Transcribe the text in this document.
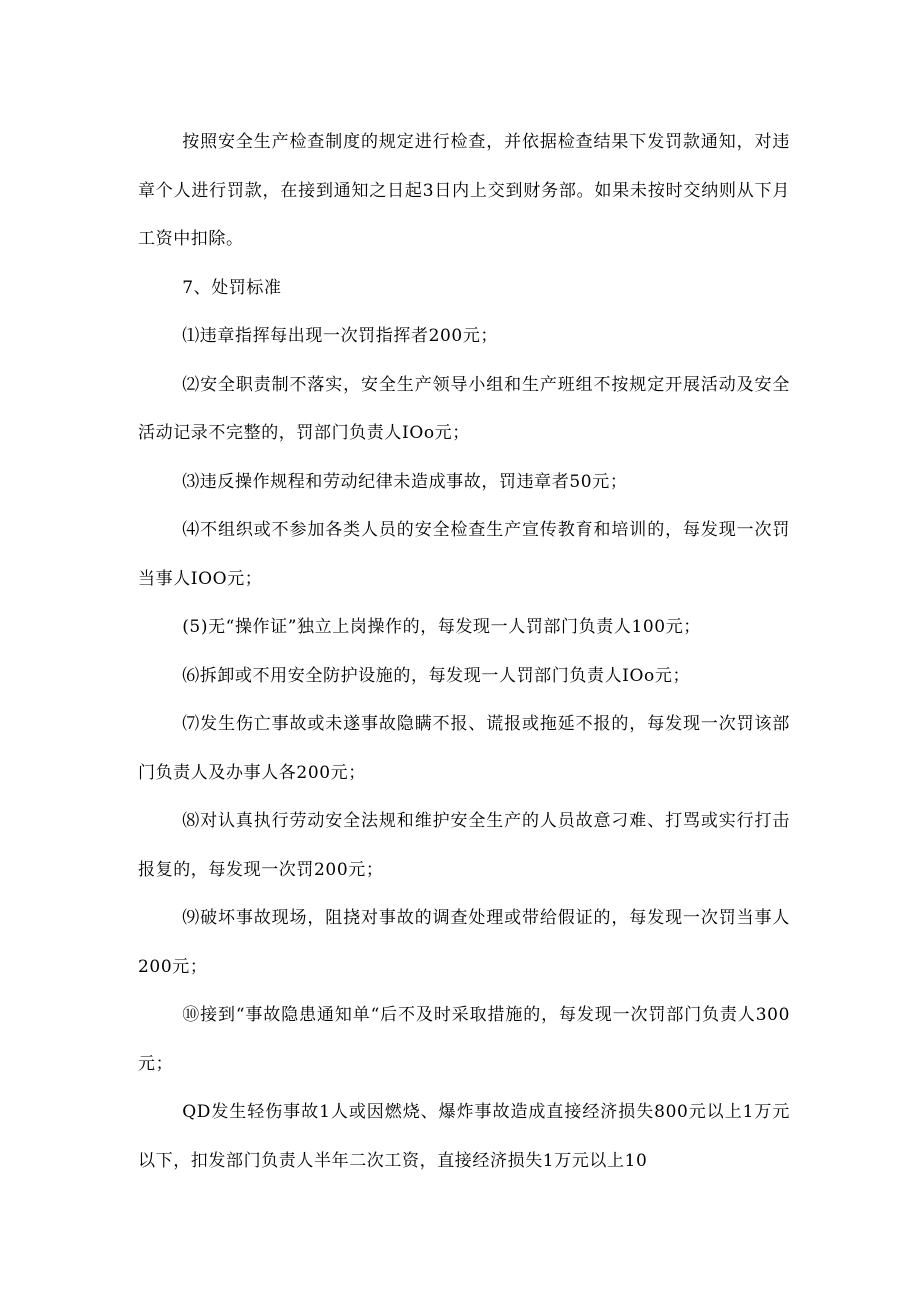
按照安全生产检查制度的规定进行检查，并依据检查结果下发罚款通知，对违章个人进行罚款，在接到通知之日起3日内上交到财务部。如果未按时交纳则从下月工资中扣除。

7、处罚标准

⑴违章指挥每出现一次罚指挥者200元；

⑵安全职责制不落实，安全生产领导小组和生产班组不按规定开展活动及安全活动记录不完整的，罚部门负责人IOo元；

⑶违反操作规程和劳动纪律未造成事故，罚违章者50元；

⑷不组织或不参加各类人员的安全检查生产宣传教育和培训的，每发现一次罚当事人IOO元；

(5)无“操作证”独立上岗操作的，每发现一人罚部门负责人100元；

⑹拆卸或不用安全防护设施的，每发现一人罚部门负责人IOo元；

⑺发生伤亡事故或未遂事故隐瞒不报、谎报或拖延不报的，每发现一次罚该部门负责人及办事人各200元；

⑻对认真执行劳动安全法规和维护安全生产的人员故意刁难、打骂或实行打击报复的，每发现一次罚200元；

⑼破坏事故现场，阻挠对事故的调查处理或带给假证的，每发现一次罚当事人200元；

⑩接到“事故隐患通知单“后不及时采取措施的，每发现一次罚部门负责人300元；

QD发生轻伤事故1人或因燃烧、爆炸事故造成直接经济损失800元以上1万元以下，扣发部门负责人半年二次工资，直接经济损失1万元以上10
